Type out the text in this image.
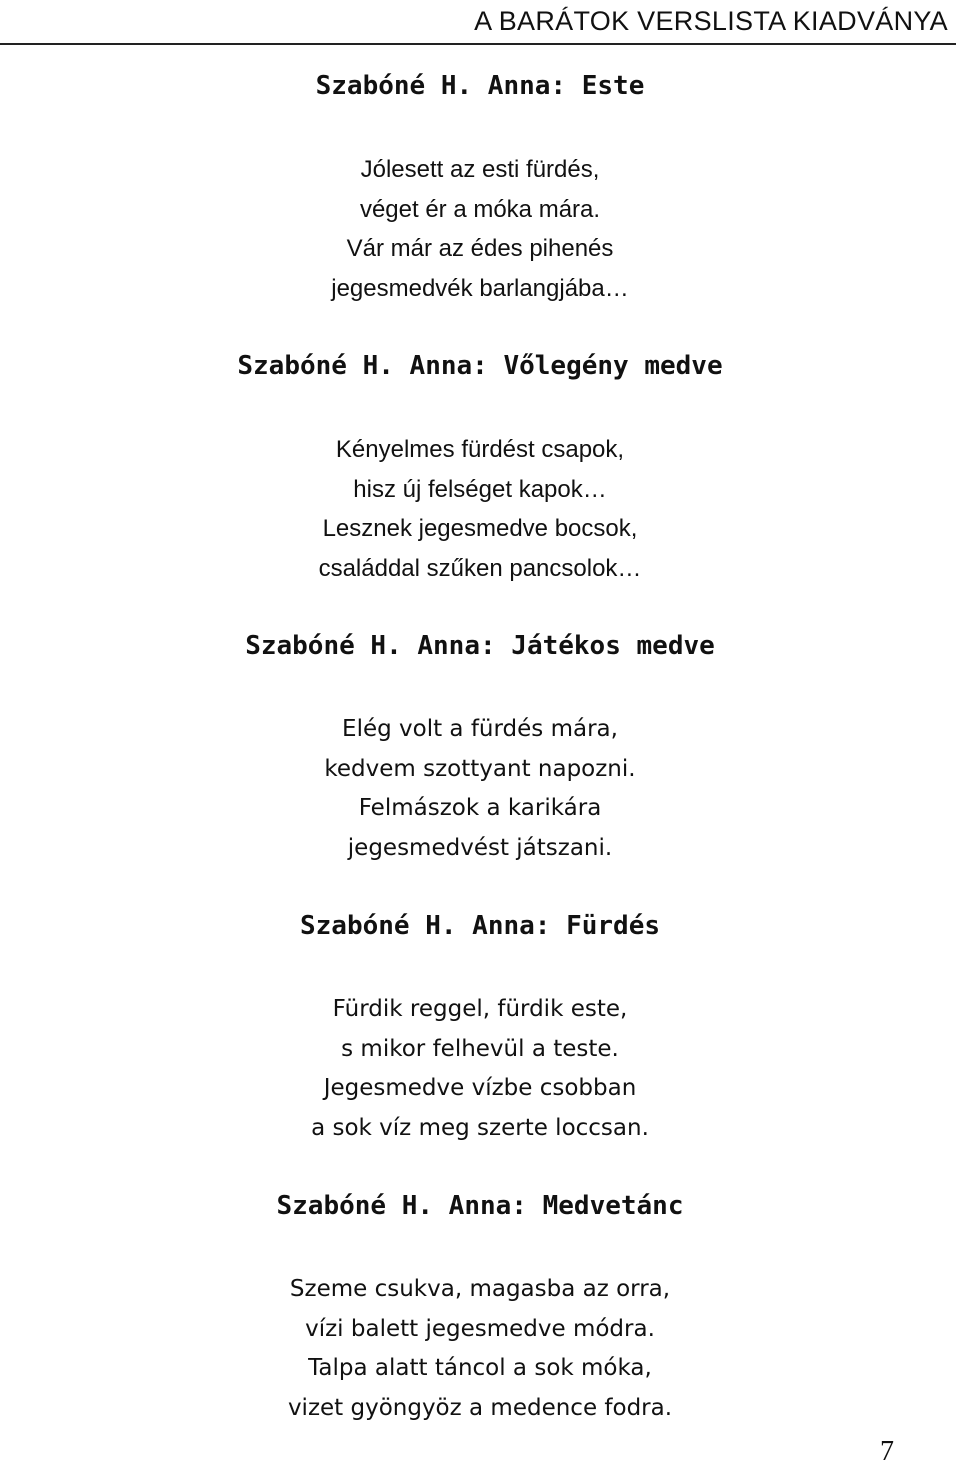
A BARÁTOK VERSLISTA KIADVÁNYA
Szabóné H. Anna: Este
Jólesett az esti fürdés,
véget ér a móka mára.
Vár már az édes pihenés
jegesmedvék barlangjába…
Szabóné H. Anna: Vőlegény medve
Kényelmes fürdést csapok,
hisz új felséget kapok…
Lesznek jegesmedve bocsok,
családdal szűken pancsolok…
Szabóné H. Anna: Játékos medve
Elég volt a fürdés mára,
kedvem szottyant napozni.
Felmászok a karikára
jegesmedvést játszani.
Szabóné H. Anna: Fürdés
Fürdik reggel, fürdik este,
s mikor felhevül a teste.
Jegesmedve vízbe csobban
a sok víz meg szerte loccsan.
Szabóné H. Anna: Medvetánc
Szeme csukva, magasba az orra,
vízi balett jegesmedve módra.
Talpa alatt táncol a sok móka,
vizet gyöngyöz a medence fodra.
7
